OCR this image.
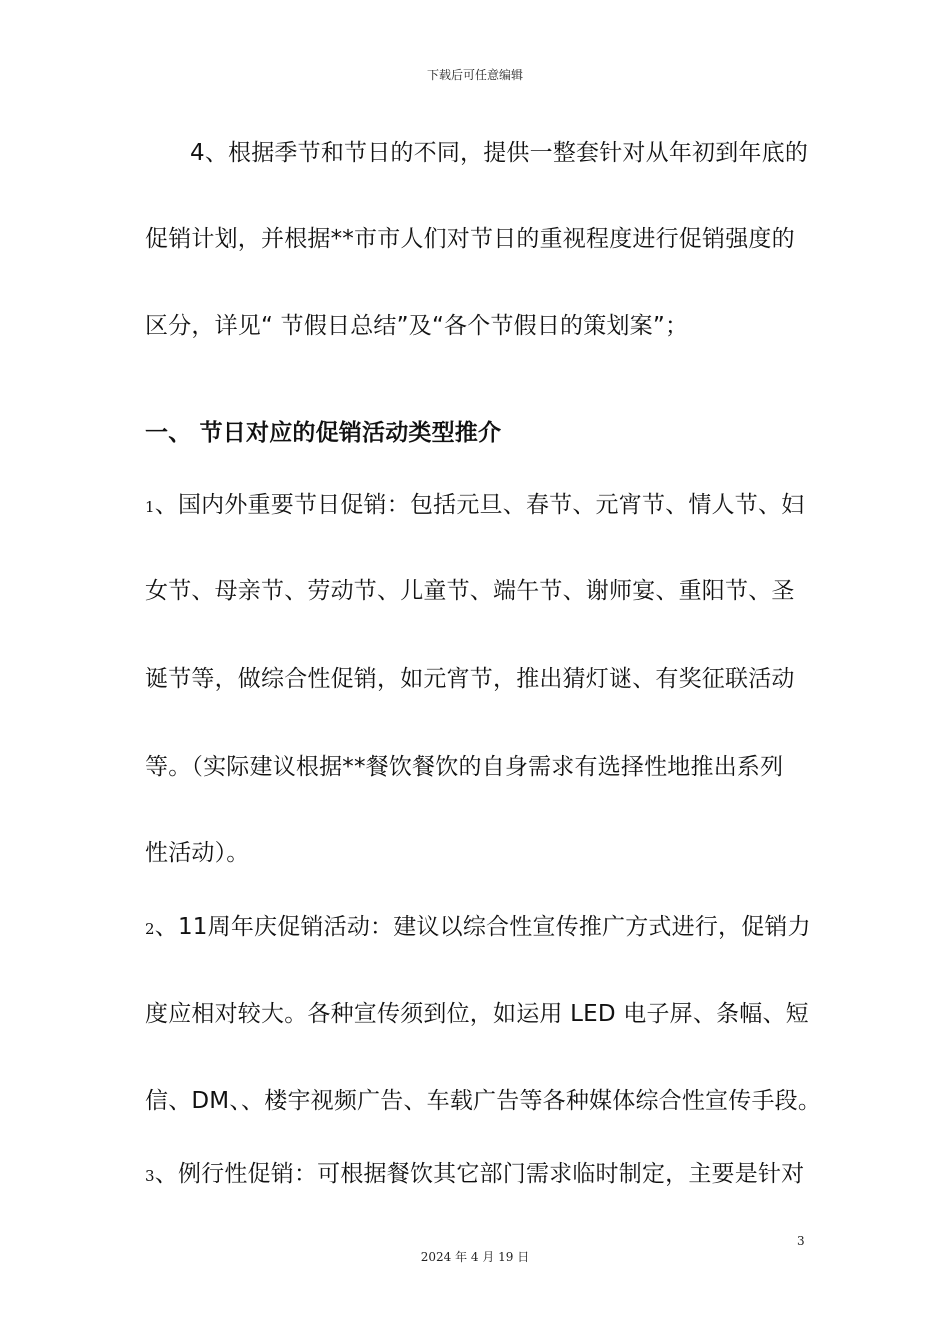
下载后可任意编辑
4、根据季节和节日的不同，提供一整套针对从年初到年底的
促销计划，并根据**市市人们对节日的重视程度进行促销强度的
区分，详见“ 节假日总结”及“各个节假日的策划案”；
一、 节日对应的促销活动类型推介
1、国内外重要节日促销：包括元旦、春节、元宵节、情人节、妇
女节、母亲节、劳动节、儿童节、端午节、谢师宴、重阳节、圣
诞节等，做综合性促销，如元宵节，推出猜灯谜、有奖征联活动
等。（实际建议根据**餐饮餐饮的自身需求有选择性地推出系列
性活动）。
2、11周年庆促销活动：建议以综合性宣传推广方式进行，促销力
度应相对较大。各种宣传须到位，如运用 LED 电子屏、条幅、短
信、DM、、楼宇视频广告、车载广告等各种媒体综合性宣传手段。
3、例行性促销：可根据餐饮其它部门需求临时制定，主要是针对
3
2024 年 4 月 19 日
